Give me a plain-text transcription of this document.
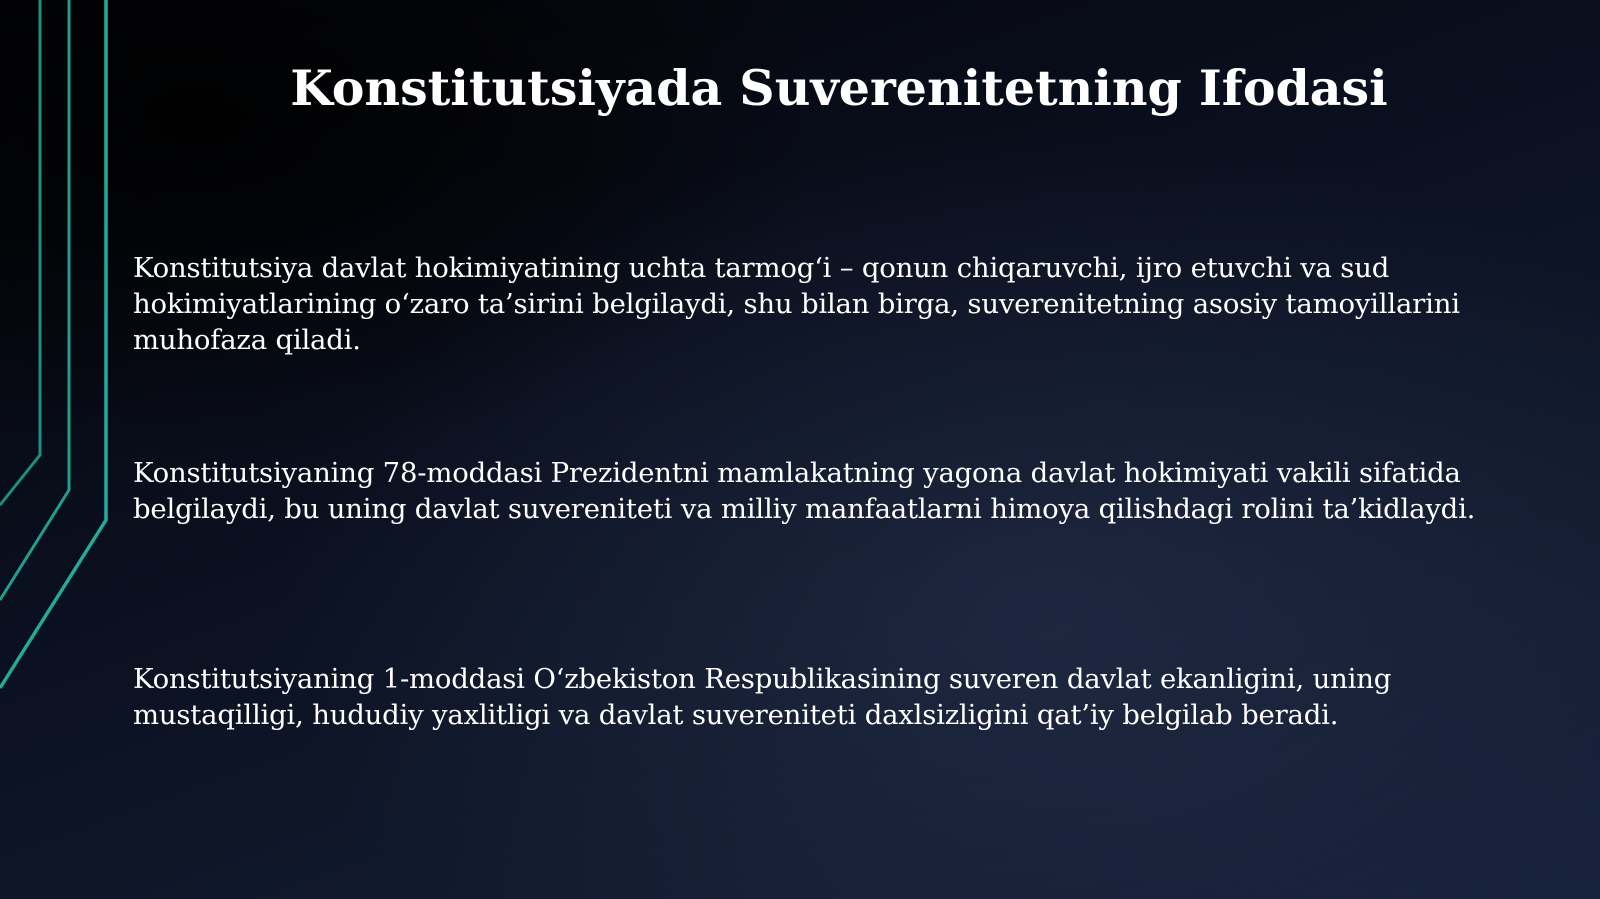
Konstitutsiyada Suverenitetning Ifodasi

Konstitutsiya davlat hokimiyatining uchta tarmog‘i – qonun chiqaruvchi, ijro etuvchi va sud hokimiyatlarining o‘zaro ta’sirini belgilaydi, shu bilan birga, suverenitetning asosiy tamoyillarini muhofaza qiladi.

Konstitutsiyaning 78-moddasi Prezidentni mamlakatning yagona davlat hokimiyati vakili sifatida belgilaydi, bu uning davlat suvereniteti va milliy manfaatlarni himoya qilishdagi rolini ta’kidlaydi.

Konstitutsiyaning 1-moddasi O‘zbekiston Respublikasining suveren davlat ekanligini, uning mustaqilligi, hududiy yaxlitligi va davlat suvereniteti daxlsizligini qat’iy belgilab beradi.
